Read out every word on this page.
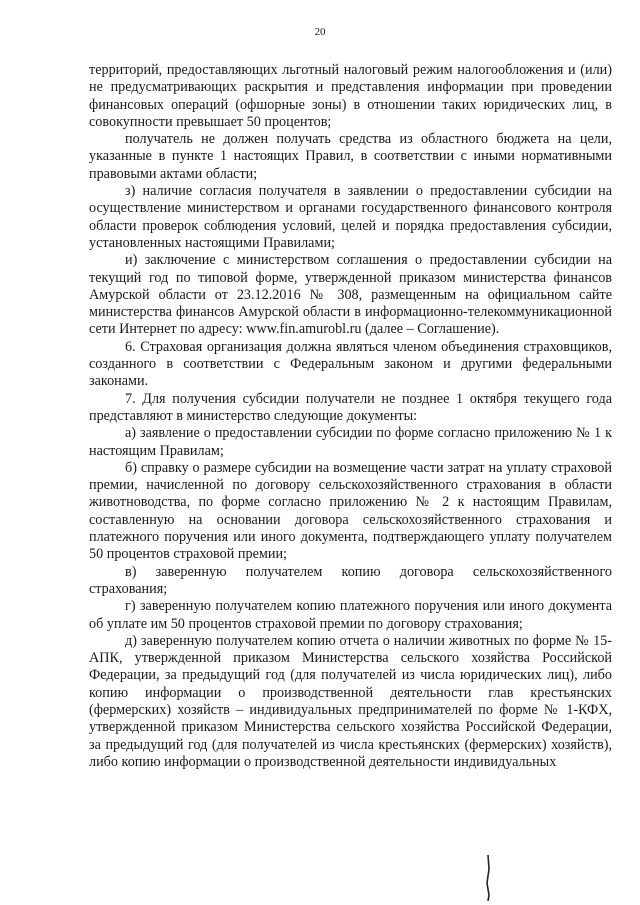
20

территорий, предоставляющих льготный налоговый режим налогообложения и (или) не предусматривающих раскрытия и представления информации при проведении финансовых операций (офшорные зоны) в отношении таких юридических лиц, в совокупности превышает 50 процентов;

получатель не должен получать средства из областного бюджета на цели, указанные в пункте 1 настоящих Правил, в соответствии с иными нормативными правовыми актами области;

з) наличие согласия получателя в заявлении о предоставлении субсидии на осуществление министерством и органами государственного финансового контроля области проверок соблюдения условий, целей и порядка предоставления субсидии, установленных настоящими Правилами;

и) заключение с министерством соглашения о предоставлении субсидии на текущий год по типовой форме, утвержденной приказом министерства финансов Амурской области от 23.12.2016 № 308, размещенным на официальном сайте министерства финансов Амурской области в информационно-телекоммуникационной сети Интернет по адресу: www.fin.amurobl.ru (далее – Соглашение).

6. Страховая организация должна являться членом объединения страховщиков, созданного в соответствии с Федеральным законом и другими федеральными законами.

7. Для получения субсидии получатели не позднее 1 октября текущего года представляют в министерство следующие документы:

а) заявление о предоставлении субсидии по форме согласно приложению № 1 к настоящим Правилам;

б) справку о размере субсидии на возмещение части затрат на уплату страховой премии, начисленной по договору сельскохозяйственного страхования в области животноводства, по форме согласно приложению № 2 к настоящим Правилам, составленную на основании договора сельскохозяйственного страхования и платежного поручения или иного документа, подтверждающего уплату получателем 50 процентов страховой премии;

в) заверенную получателем копию договора сельскохозяйственного страхования;

г) заверенную получателем копию платежного поручения или иного документа об уплате им 50 процентов страховой премии по договору страхования;

д) заверенную получателем копию отчета о наличии животных по форме № 15-АПК, утвержденной приказом Министерства сельского хозяйства Российской Федерации, за предыдущий год (для получателей из числа юридических лиц), либо копию информации о производственной деятельности глав крестьянских (фермерских) хозяйств – индивидуальных предпринимателей по форме № 1-КФХ, утвержденной приказом Министерства сельского хозяйства Российской Федерации, за предыдущий год (для получателей из числа крестьянских (фермерских) хозяйств), либо копию информации о производственной деятельности индивидуальных
